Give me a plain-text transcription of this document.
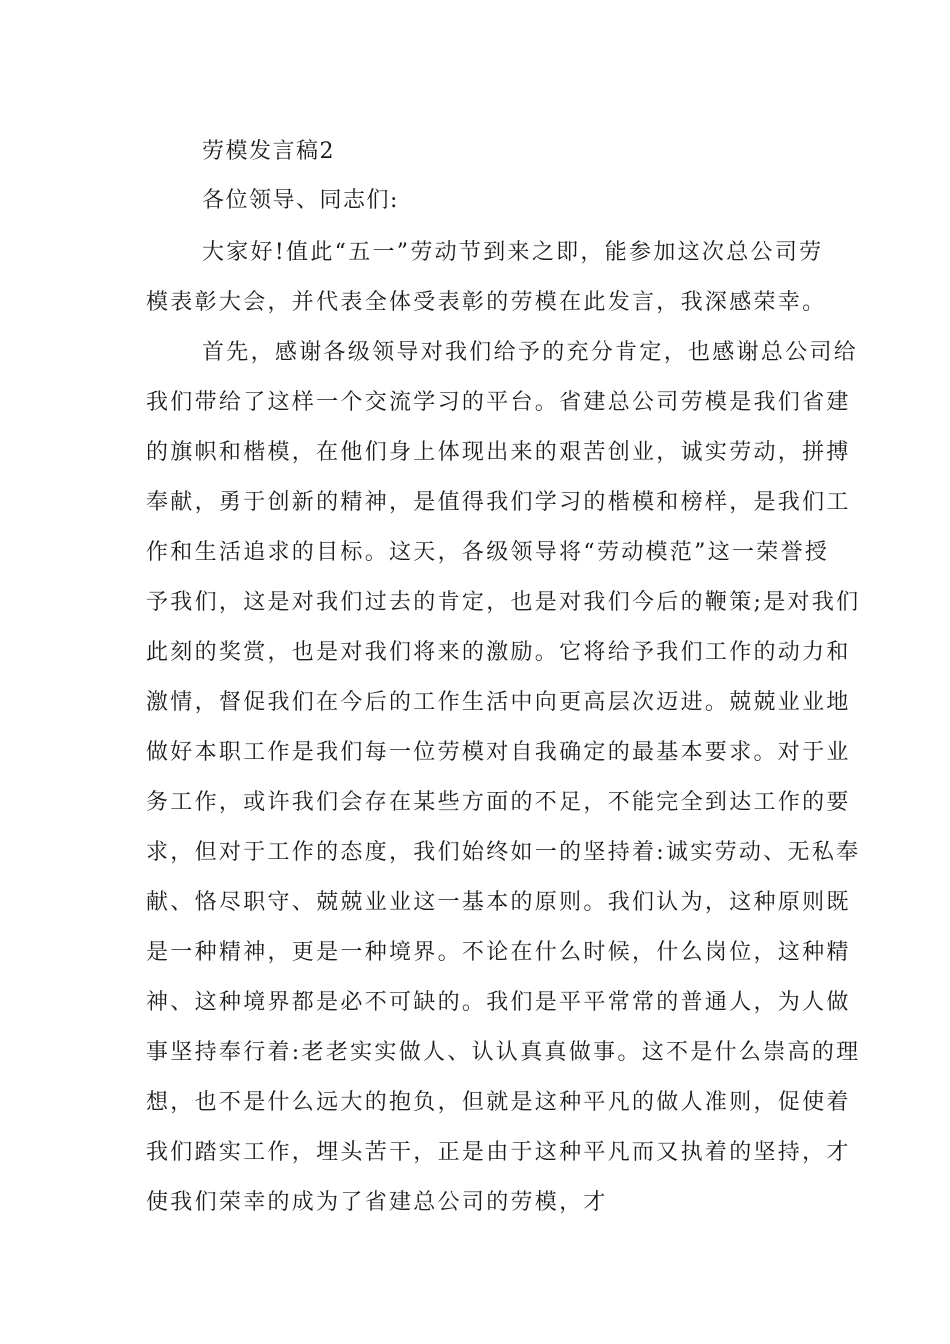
劳模发言稿2

各位领导、同志们:

大家好!值此“五一”劳动节到来之即，能参加这次总公司劳

模表彰大会，并代表全体受表彰的劳模在此发言，我深感荣幸。

首先，感谢各级领导对我们给予的充分肯定，也感谢总公司给

我们带给了这样一个交流学习的平台。省建总公司劳模是我们省建

的旗帜和楷模，在他们身上体现出来的艰苦创业，诚实劳动，拼搏

奉献，勇于创新的精神，是值得我们学习的楷模和榜样，是我们工

作和生活追求的目标。这天，各级领导将“劳动模范”这一荣誉授

予我们，这是对我们过去的肯定，也是对我们今后的鞭策;是对我们

此刻的奖赏，也是对我们将来的激励。它将给予我们工作的动力和

激情，督促我们在今后的工作生活中向更高层次迈进。兢兢业业地

做好本职工作是我们每一位劳模对自我确定的最基本要求。对于业

务工作，或许我们会存在某些方面的不足，不能完全到达工作的要

求，但对于工作的态度，我们始终如一的坚持着:诚实劳动、无私奉

献、恪尽职守、兢兢业业这一基本的原则。我们认为，这种原则既

是一种精神，更是一种境界。不论在什么时候，什么岗位，这种精

神、这种境界都是必不可缺的。我们是平平常常的普通人，为人做

事坚持奉行着:老老实实做人、认认真真做事。这不是什么崇高的理

想，也不是什么远大的抱负，但就是这种平凡的做人准则，促使着

我们踏实工作，埋头苦干，正是由于这种平凡而又执着的坚持，才

使我们荣幸的成为了省建总公司的劳模，才
